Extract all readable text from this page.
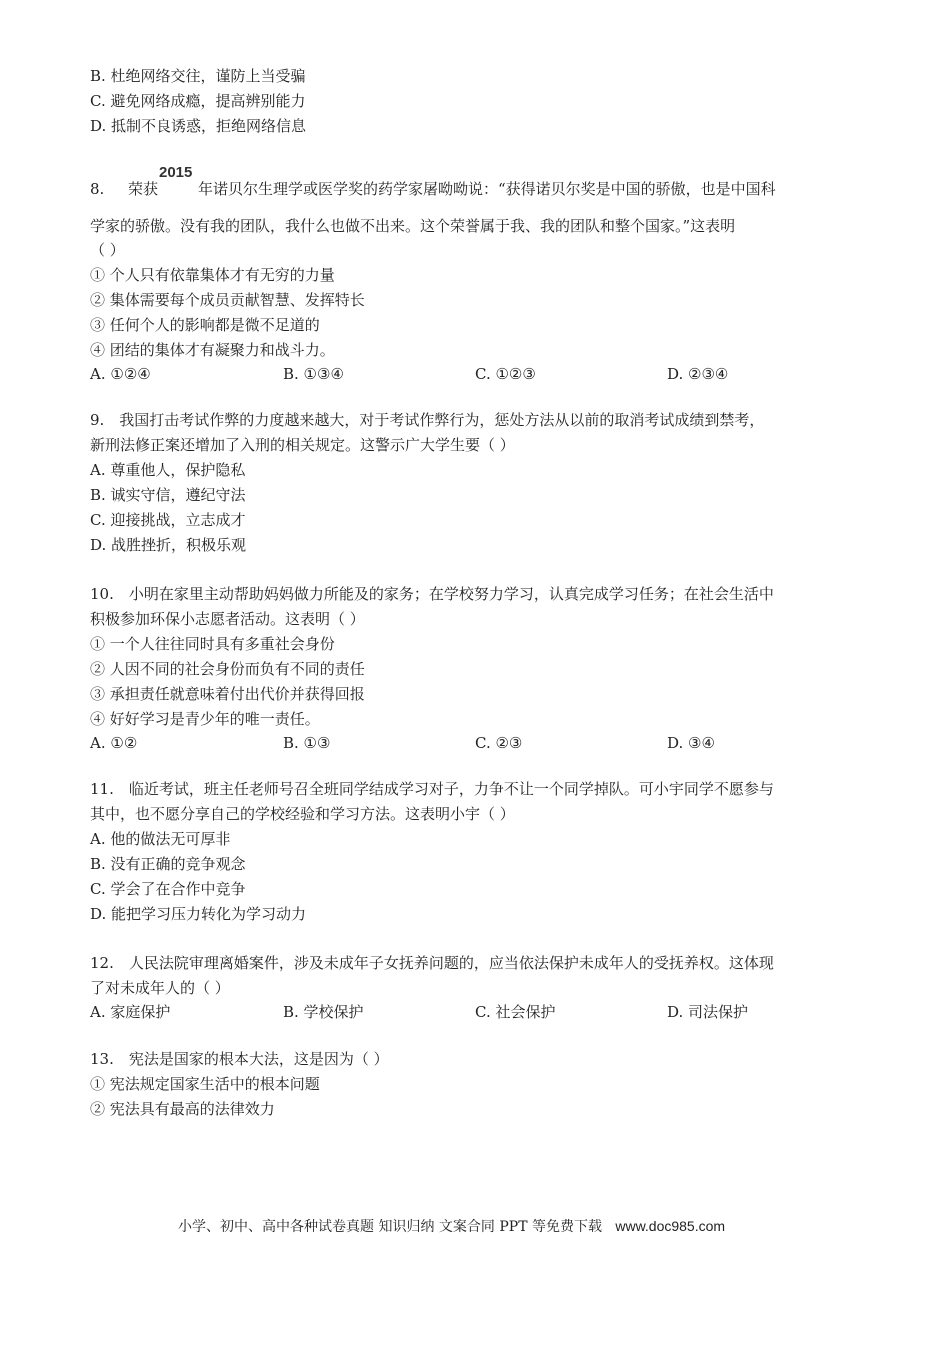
B. 杜绝网络交往，谨防上当受骗
C. 避免网络成瘾，提高辨别能力
D. 抵制不良诱惑，拒绝网络信息
8. 荣获
2015
年诺贝尔生理学或医学奖的药学家屠呦呦说：“获得诺贝尔奖是中国的骄傲，也是中国科
学家的骄傲。没有我的团队，我什么也做不出来。这个荣誉属于我、我的团队和整个国家。”这表明
（ ）
① 个人只有依靠集体才有无穷的力量
② 集体需要每个成员贡献智慧、发挥特长
③ 任何个人的影响都是微不足道的
④ 团结的集体才有凝聚力和战斗力。
A. ①②④	B. ①③④	C. ①②③	D. ②③④
9.　我国打击考试作弊的力度越来越大，对于考试作弊行为，惩处方法从以前的取消考试成绩到禁考，
新刑法修正案还增加了入刑的相关规定。这警示广大学生要（ ）
A. 尊重他人，保护隐私
B. 诚实守信，遵纪守法
C. 迎接挑战，立志成才
D. 战胜挫折，积极乐观
10.　小明在家里主动帮助妈妈做力所能及的家务；在学校努力学习，认真完成学习任务；在社会生活中
积极参加环保小志愿者活动。这表明（ ）
① 一个人往往同时具有多重社会身份
② 人因不同的社会身份而负有不同的责任
③ 承担责任就意味着付出代价并获得回报
④ 好好学习是青少年的唯一责任。
A. ①②	B. ①③	C. ②③	D. ③④
11.　临近考试，班主任老师号召全班同学结成学习对子，力争不让一个同学掉队。可小宇同学不愿参与
其中，也不愿分享自己的学校经验和学习方法。这表明小宇（ ）
A. 他的做法无可厚非
B. 没有正确的竞争观念
C. 学会了在合作中竞争
D. 能把学习压力转化为学习动力
12.　人民法院审理离婚案件，涉及未成年子女抚养问题的，应当依法保护未成年人的受抚养权。这体现
了对未成年人的（ ）
A. 家庭保护	B. 学校保护	C. 社会保护	D. 司法保护
13.　宪法是国家的根本大法，这是因为（ ）
① 宪法规定国家生活中的根本问题
② 宪法具有最高的法律效力
小学、初中、高中各种试卷真题 知识归纳 文案合同 PPT 等免费下载 www.doc985.com
